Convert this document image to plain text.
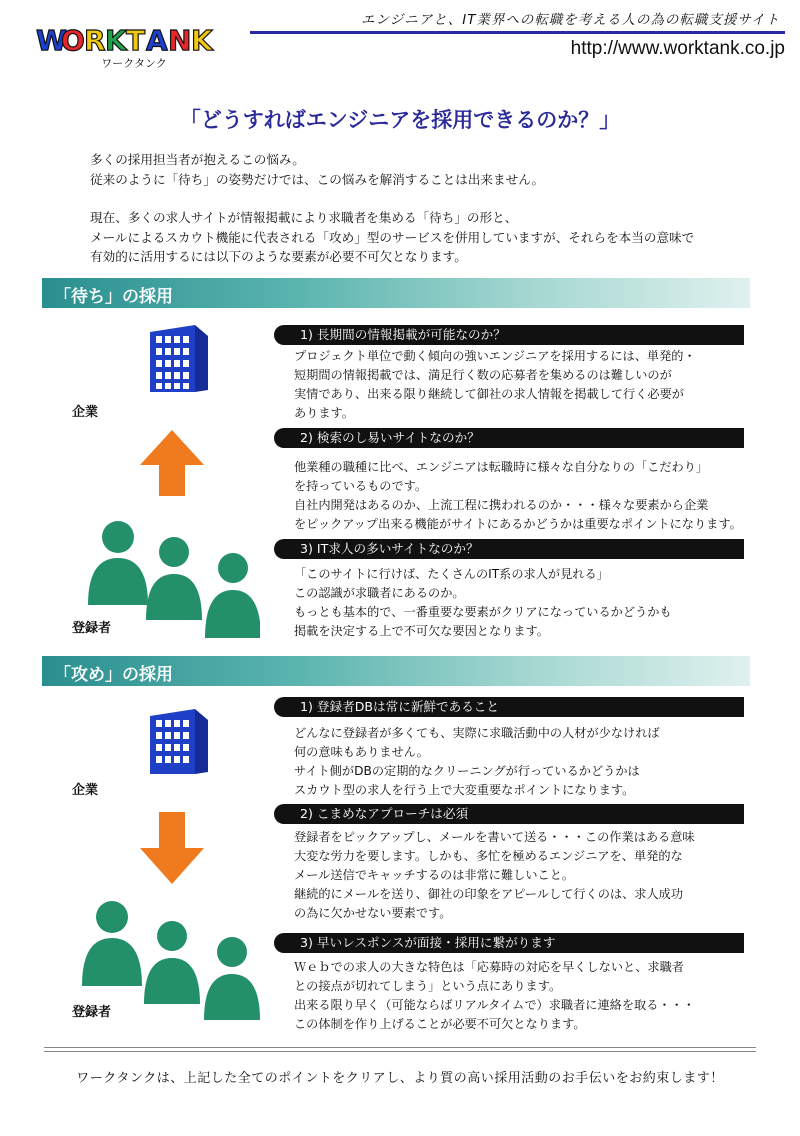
W
O R K T A N K
ワークタンク
エンジニアと、IT業界への転職を考える人の為の転職支援サイト
http://www.worktank.co.jp
「どうすればエンジニアを採用できるのか？」
多くの採用担当者が抱えるこの悩み。
従来のように「待ち」の姿勢だけでは、この悩みを解消することは出来ません。
現在、多くの求人サイトが情報掲載により求職者を集める「待ち」の形と、
メールによるスカウト機能に代表される「攻め」型のサービスを併用していますが、それらを本当の意味で
有効的に活用するには以下のような要素が必要不可欠となります。
「待ち」の採用
企業
登録者
1) 長期間の情報掲載が可能なのか？
プロジェクト単位で動く傾向の強いエンジニアを採用するには、単発的・
短期間の情報掲載では、満足行く数の応募者を集めるのは難しいのが
実情であり、出来る限り継続して御社の求人情報を掲載して行く必要が
あります。
2) 検索のし易いサイトなのか？
他業種の職種に比べ、エンジニアは転職時に様々な自分なりの「こだわり」
を持っているものです。
自社内開発はあるのか、上流工程に携われるのか・・・様々な要素から企業
をピックアップ出来る機能がサイトにあるかどうかは重要なポイントになります。
3) IT求人の多いサイトなのか？
「このサイトに行けば、たくさんのIT系の求人が見れる」
この認識が求職者にあるのか。
もっとも基本的で、一番重要な要素がクリアになっているかどうかも
掲載を決定する上で不可欠な要因となります。
「攻め」の採用
企業
登録者
1) 登録者DBは常に新鮮であること
どんなに登録者が多くても、実際に求職活動中の人材が少なければ
何の意味もありません。
サイト側がDBの定期的なクリーニングが行っているかどうかは
スカウト型の求人を行う上で大変重要なポイントになります。
2) こまめなアプローチは必須
登録者をピックアップし、メールを書いて送る・・・この作業はある意味
大変な労力を要します。しかも、多忙を極めるエンジニアを、単発的な
メール送信でキャッチするのは非常に難しいこと。
継続的にメールを送り、御社の印象をアピールして行くのは、求人成功
の為に欠かせない要素です。
3) 早いレスポンスが面接・採用に繋がります
Ｗｅｂでの求人の大きな特色は「応募時の対応を早くしないと、求職者
との接点が切れてしまう」という点にあります。
出来る限り早く（可能ならばリアルタイムで）求職者に連絡を取る・・・
この体制を作り上げることが必要不可欠となります。
ワークタンクは、上記した全てのポイントをクリアし、より質の高い採用活動のお手伝いをお約束します！
